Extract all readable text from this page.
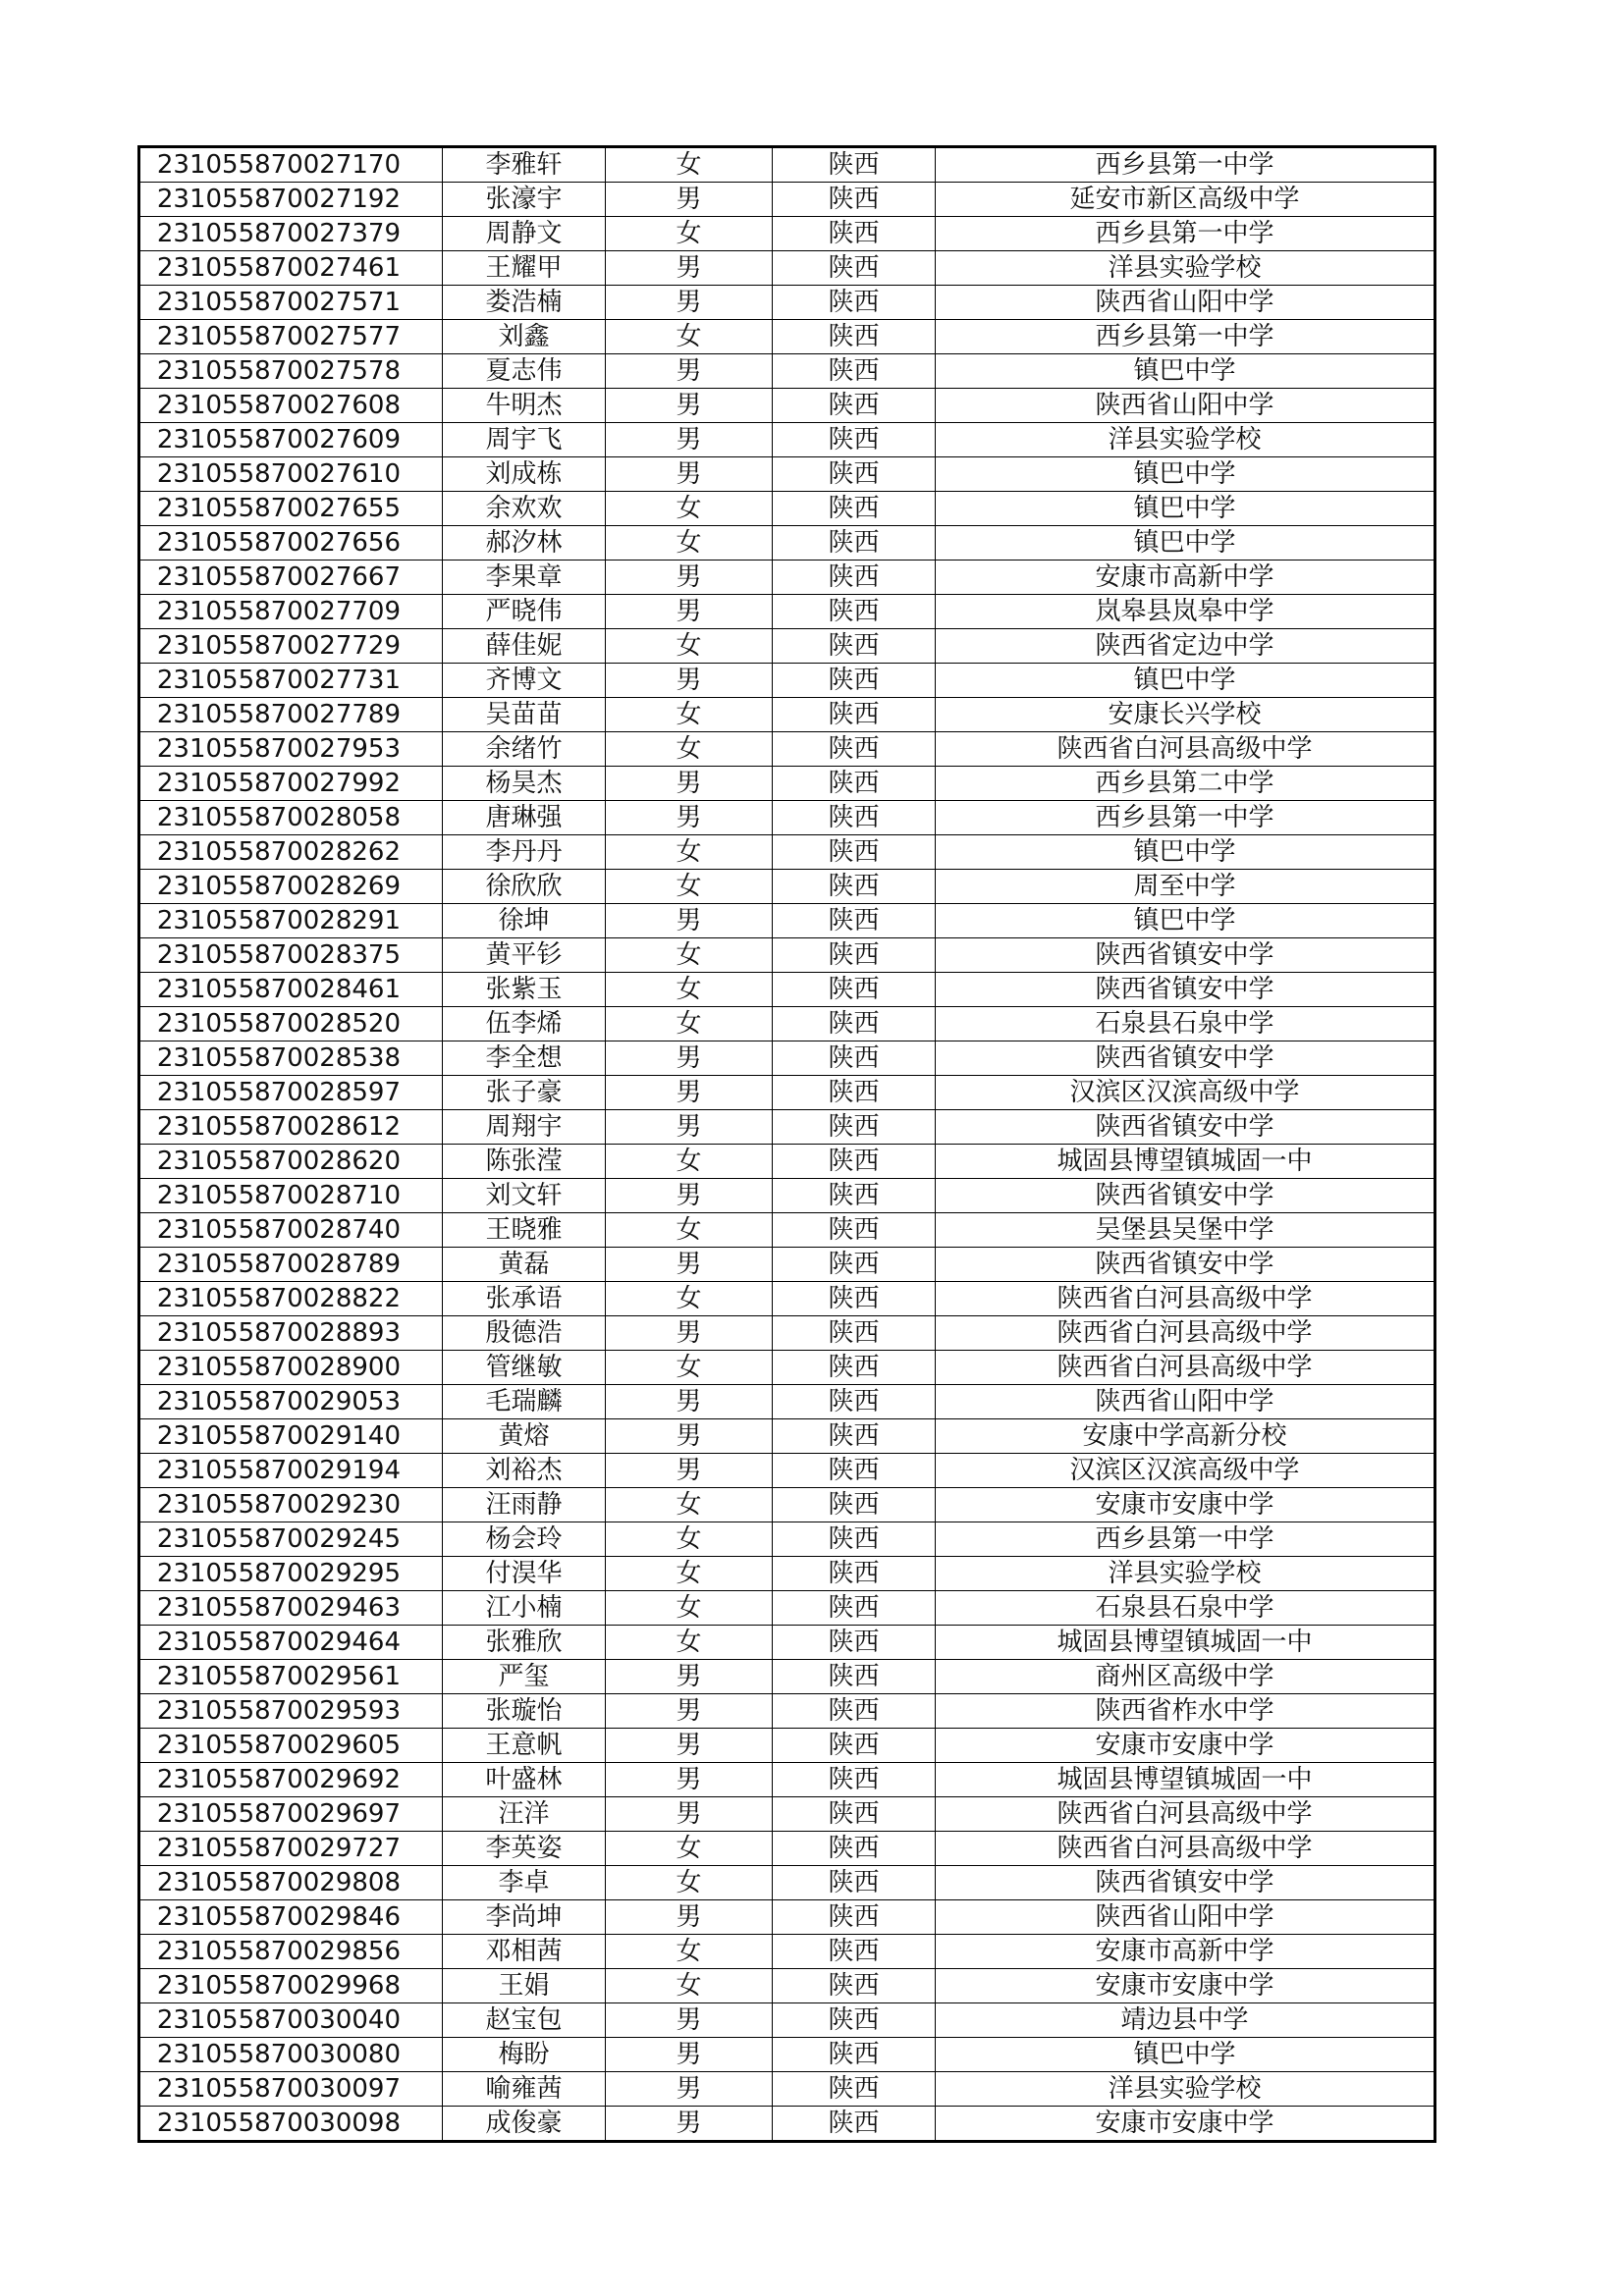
231055870027170	李雅轩	女	陕西	西乡县第一中学
231055870027192	张濠宇	男	陕西	延安市新区高级中学
231055870027379	周静文	女	陕西	西乡县第一中学
231055870027461	王耀甲	男	陕西	洋县实验学校
231055870027571	娄浩楠	男	陕西	陕西省山阳中学
231055870027577	刘鑫	女	陕西	西乡县第一中学
231055870027578	夏志伟	男	陕西	镇巴中学
231055870027608	牛明杰	男	陕西	陕西省山阳中学
231055870027609	周宇飞	男	陕西	洋县实验学校
231055870027610	刘成栋	男	陕西	镇巴中学
231055870027655	余欢欢	女	陕西	镇巴中学
231055870027656	郝汐林	女	陕西	镇巴中学
231055870027667	李果章	男	陕西	安康市高新中学
231055870027709	严晓伟	男	陕西	岚皋县岚皋中学
231055870027729	薛佳妮	女	陕西	陕西省定边中学
231055870027731	齐博文	男	陕西	镇巴中学
231055870027789	吴苗苗	女	陕西	安康长兴学校
231055870027953	余绪竹	女	陕西	陕西省白河县高级中学
231055870027992	杨昊杰	男	陕西	西乡县第二中学
231055870028058	唐琳强	男	陕西	西乡县第一中学
231055870028262	李丹丹	女	陕西	镇巴中学
231055870028269	徐欣欣	女	陕西	周至中学
231055870028291	徐坤	男	陕西	镇巴中学
231055870028375	黄平钐	女	陕西	陕西省镇安中学
231055870028461	张紫玉	女	陕西	陕西省镇安中学
231055870028520	伍李烯	女	陕西	石泉县石泉中学
231055870028538	李全想	男	陕西	陕西省镇安中学
231055870028597	张子豪	男	陕西	汉滨区汉滨高级中学
231055870028612	周翔宇	男	陕西	陕西省镇安中学
231055870028620	陈张滢	女	陕西	城固县博望镇城固一中
231055870028710	刘文轩	男	陕西	陕西省镇安中学
231055870028740	王晓雅	女	陕西	吴堡县吴堡中学
231055870028789	黄磊	男	陕西	陕西省镇安中学
231055870028822	张承语	女	陕西	陕西省白河县高级中学
231055870028893	殷德浩	男	陕西	陕西省白河县高级中学
231055870028900	管继敏	女	陕西	陕西省白河县高级中学
231055870029053	毛瑞麟	男	陕西	陕西省山阳中学
231055870029140	黄熔	男	陕西	安康中学高新分校
231055870029194	刘裕杰	男	陕西	汉滨区汉滨高级中学
231055870029230	汪雨静	女	陕西	安康市安康中学
231055870029245	杨会玲	女	陕西	西乡县第一中学
231055870029295	付淏华	女	陕西	洋县实验学校
231055870029463	江小楠	女	陕西	石泉县石泉中学
231055870029464	张雅欣	女	陕西	城固县博望镇城固一中
231055870029561	严玺	男	陕西	商州区高级中学
231055870029593	张璇怡	男	陕西	陕西省柞水中学
231055870029605	王意帆	男	陕西	安康市安康中学
231055870029692	叶盛林	男	陕西	城固县博望镇城固一中
231055870029697	汪洋	男	陕西	陕西省白河县高级中学
231055870029727	李英姿	女	陕西	陕西省白河县高级中学
231055870029808	李卓	女	陕西	陕西省镇安中学
231055870029846	李尚坤	男	陕西	陕西省山阳中学
231055870029856	邓相茜	女	陕西	安康市高新中学
231055870029968	王娟	女	陕西	安康市安康中学
231055870030040	赵宝包	男	陕西	靖边县中学
231055870030080	梅盼	男	陕西	镇巴中学
231055870030097	喻雍茜	男	陕西	洋县实验学校
231055870030098	成俊豪	男	陕西	安康市安康中学
